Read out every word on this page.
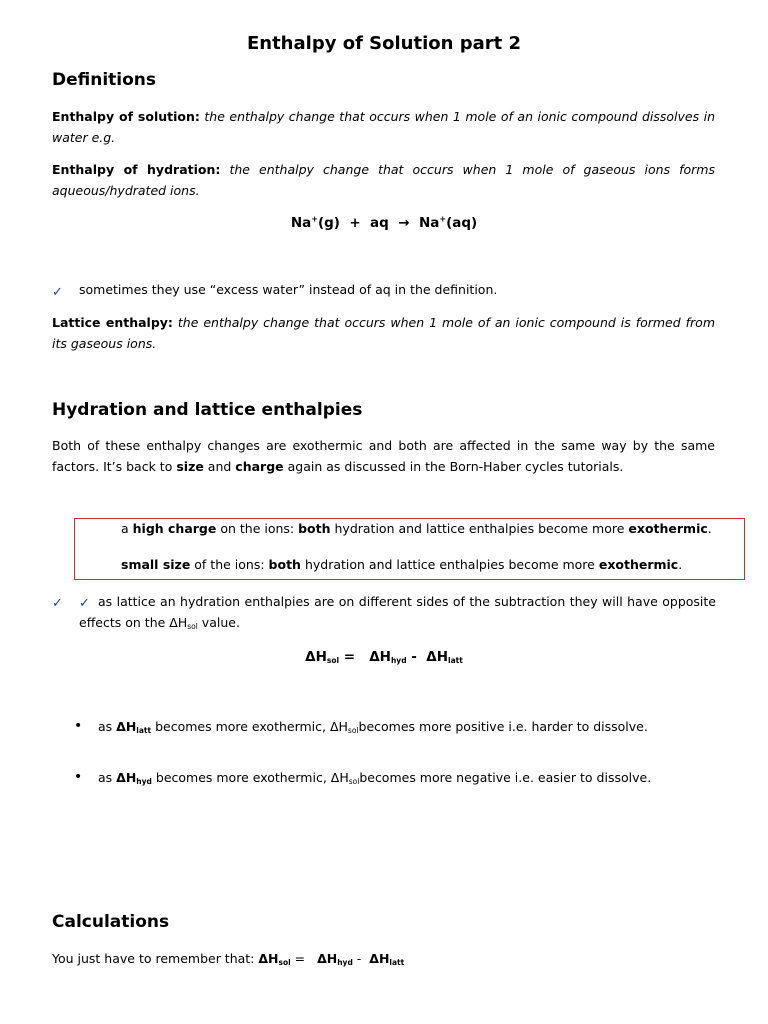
Enthalpy of Solution part 2
Definitions
Enthalpy of solution: the enthalpy change that occurs when 1 mole of an ionic compound dissolves in water e.g.
Enthalpy of hydration: the enthalpy change that occurs when 1 mole of gaseous ions forms aqueous/hydrated ions.
Na+(g)  +  aq  →  Na+(aq)
✓ sometimes they use “excess water” instead of aq in the definition.
Lattice enthalpy: the enthalpy change that occurs when 1 mole of an ionic compound is formed from its gaseous ions.
Hydration and lattice enthalpies
Both of these enthalpy changes are exothermic and both are affected in the same way by the same factors. It’s back to size and charge again as discussed in the Born-Haber cycles tutorials.
a high charge on the ions: both hydration and lattice enthalpies become more exothermic.
small size of the ions: both hydration and lattice enthalpies become more exothermic.
✓ ✓ as lattice an hydration enthalpies are on different sides of the subtraction they will have opposite effects on the $\Delta H_{sol}$ value.
$\Delta H_{sol} = \Delta H_{hyd} - \Delta H_{latt}$
• as $\Delta H_{latt}$ becomes more exothermic, $\Delta H_{sol}becomes$ more positive i.e. harder to dissolve.
• as $\Delta H_{hyd}$ becomes more exothermic, $\Delta H_{sol}becomes$ more negative i.e. easier to dissolve.
Calculations
You just have to remember that: $\Delta H_{sol} = \Delta H_{hyd} - \Delta H_{latt}$
